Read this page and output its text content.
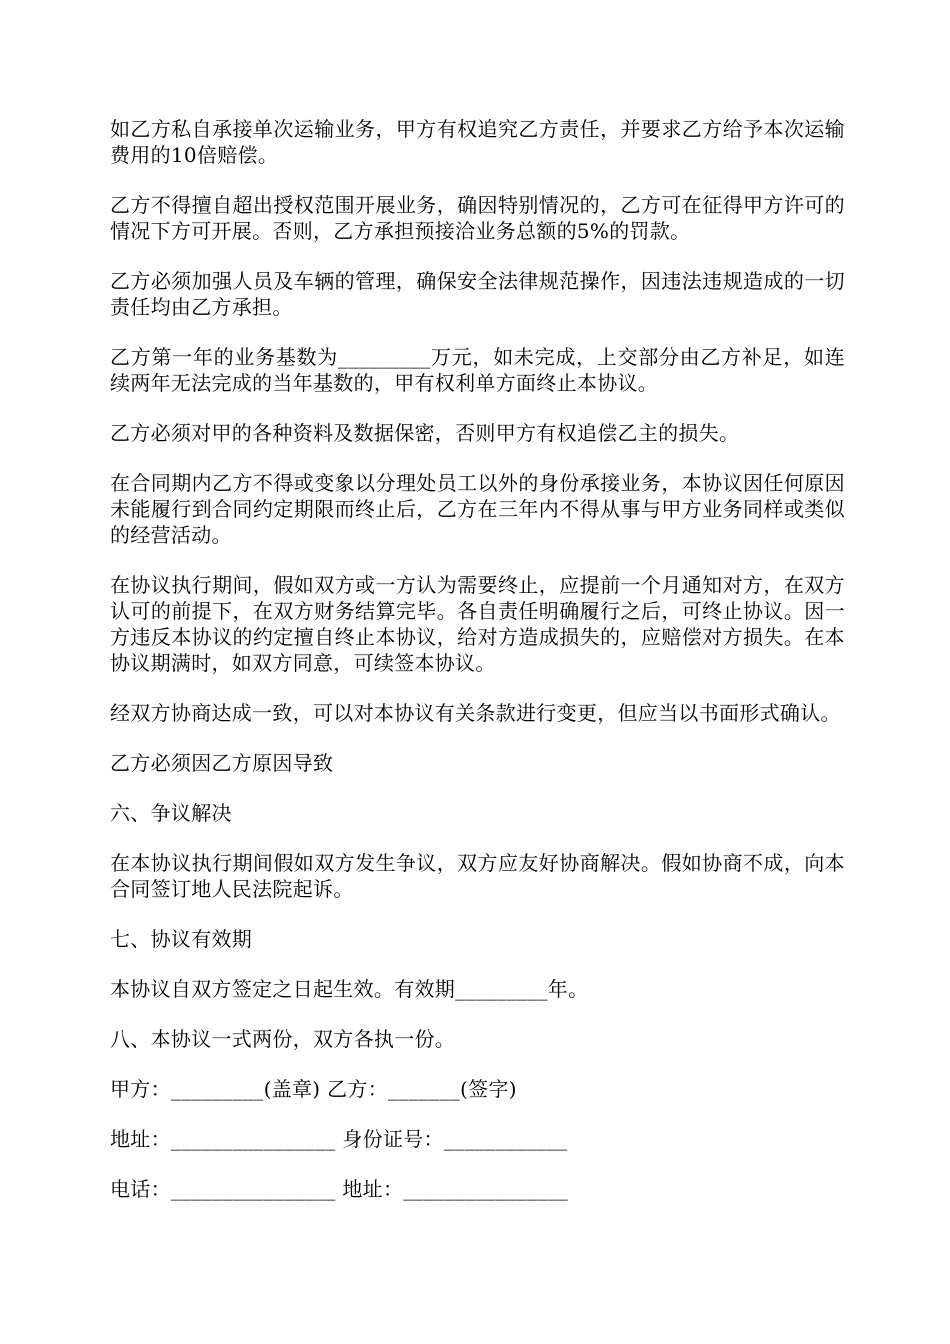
如乙方私自承接单次运输业务，甲方有权追究乙方责任，并要求乙方给予本次运输费用的10倍赔偿。

乙方不得擅自超出授权范围开展业务，确因特别情况的，乙方可在征得甲方许可的情况下方可开展。否则，乙方承担预接洽业务总额的5%的罚款。

乙方必须加强人员及车辆的管理，确保安全法律规范操作，因违法违规造成的一切责任均由乙方承担。

乙方第一年的业务基数为_________万元，如未完成，上交部分由乙方补足，如连续两年无法完成的当年基数的，甲有权利单方面终止本协议。

乙方必须对甲的各种资料及数据保密，否则甲方有权追偿乙主的损失。

在合同期内乙方不得或变象以分理处员工以外的身份承接业务，本协议因任何原因未能履行到合同约定期限而终止后，乙方在三年内不得从事与甲方业务同样或类似的经营活动。

在协议执行期间，假如双方或一方认为需要终止，应提前一个月通知对方，在双方认可的前提下，在双方财务结算完毕。各自责任明确履行之后，可终止协议。因一方违反本协议的约定擅自终止本协议，给对方造成损失的，应赔偿对方损失。在本协议期满时，如双方同意，可续签本协议。

经双方协商达成一致，可以对本协议有关条款进行变更，但应当以书面形式确认。

乙方必须因乙方原因导致

六、争议解决

在本协议执行期间假如双方发生争议，双方应友好协商解决。假如协商不成，向本合同签订地人民法院起诉。

七、协议有效期

本协议自双方签定之日起生效。有效期_________年。

八、本协议一式两份，双方各执一份。

甲方：_________(盖章) 乙方：_______(签字)

地址：________________ 身份证号：____________

电话：________________ 地址：________________
